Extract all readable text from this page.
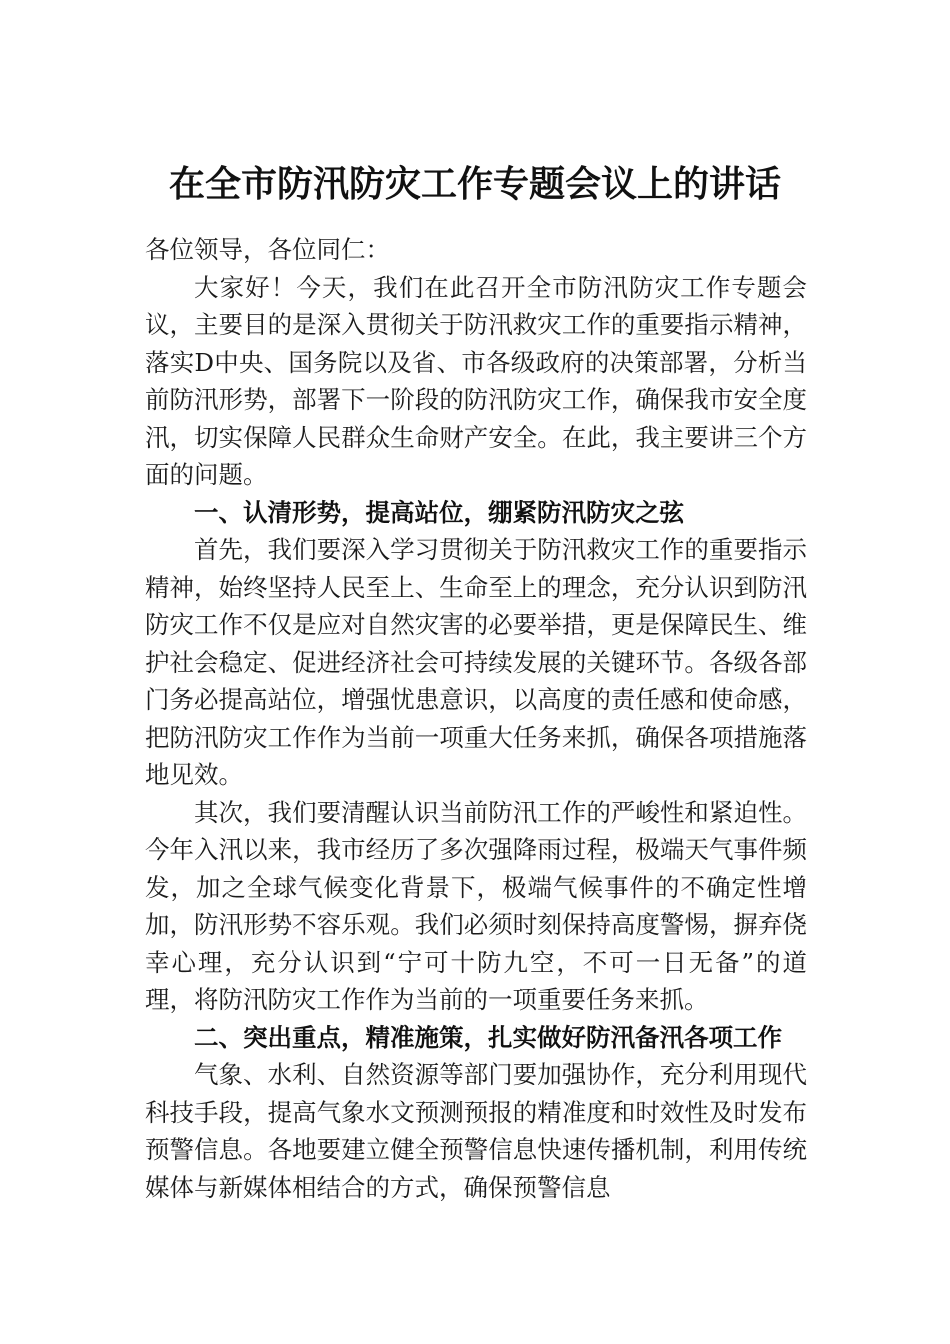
在全市防汛防灾工作专题会议上的讲话

各位领导，各位同仁：

大家好！今天，我们在此召开全市防汛防灾工作专题会议，主要目的是深入贯彻关于防汛救灾工作的重要指示精神，落实D中央、国务院以及省、市各级政府的决策部署，分析当前防汛形势，部署下一阶段的防汛防灾工作，确保我市安全度汛，切实保障人民群众生命财产安全。在此，我主要讲三个方面的问题。

一、认清形势，提高站位，绷紧防汛防灾之弦

首先，我们要深入学习贯彻关于防汛救灾工作的重要指示精神，始终坚持人民至上、生命至上的理念，充分认识到防汛防灾工作不仅是应对自然灾害的必要举措，更是保障民生、维护社会稳定、促进经济社会可持续发展的关键环节。各级各部门务必提高站位，增强忧患意识，以高度的责任感和使命感，把防汛防灾工作作为当前一项重大任务来抓，确保各项措施落地见效。

其次，我们要清醒认识当前防汛工作的严峻性和紧迫性。今年入汛以来，我市经历了多次强降雨过程，极端天气事件频发，加之全球气候变化背景下，极端气候事件的不确定性增加，防汛形势不容乐观。我们必须时刻保持高度警惕，摒弃侥幸心理，充分认识到“宁可十防九空，不可一日无备”的道理，将防汛防灾工作作为当前的一项重要任务来抓。

二、突出重点，精准施策，扎实做好防汛备汛各项工作

气象、水利、自然资源等部门要加强协作，充分利用现代科技手段，提高气象水文预测预报的精准度和时效性及时发布预警信息。各地要建立健全预警信息快速传播机制，利用传统媒体与新媒体相结合的方式，确保预警信息
